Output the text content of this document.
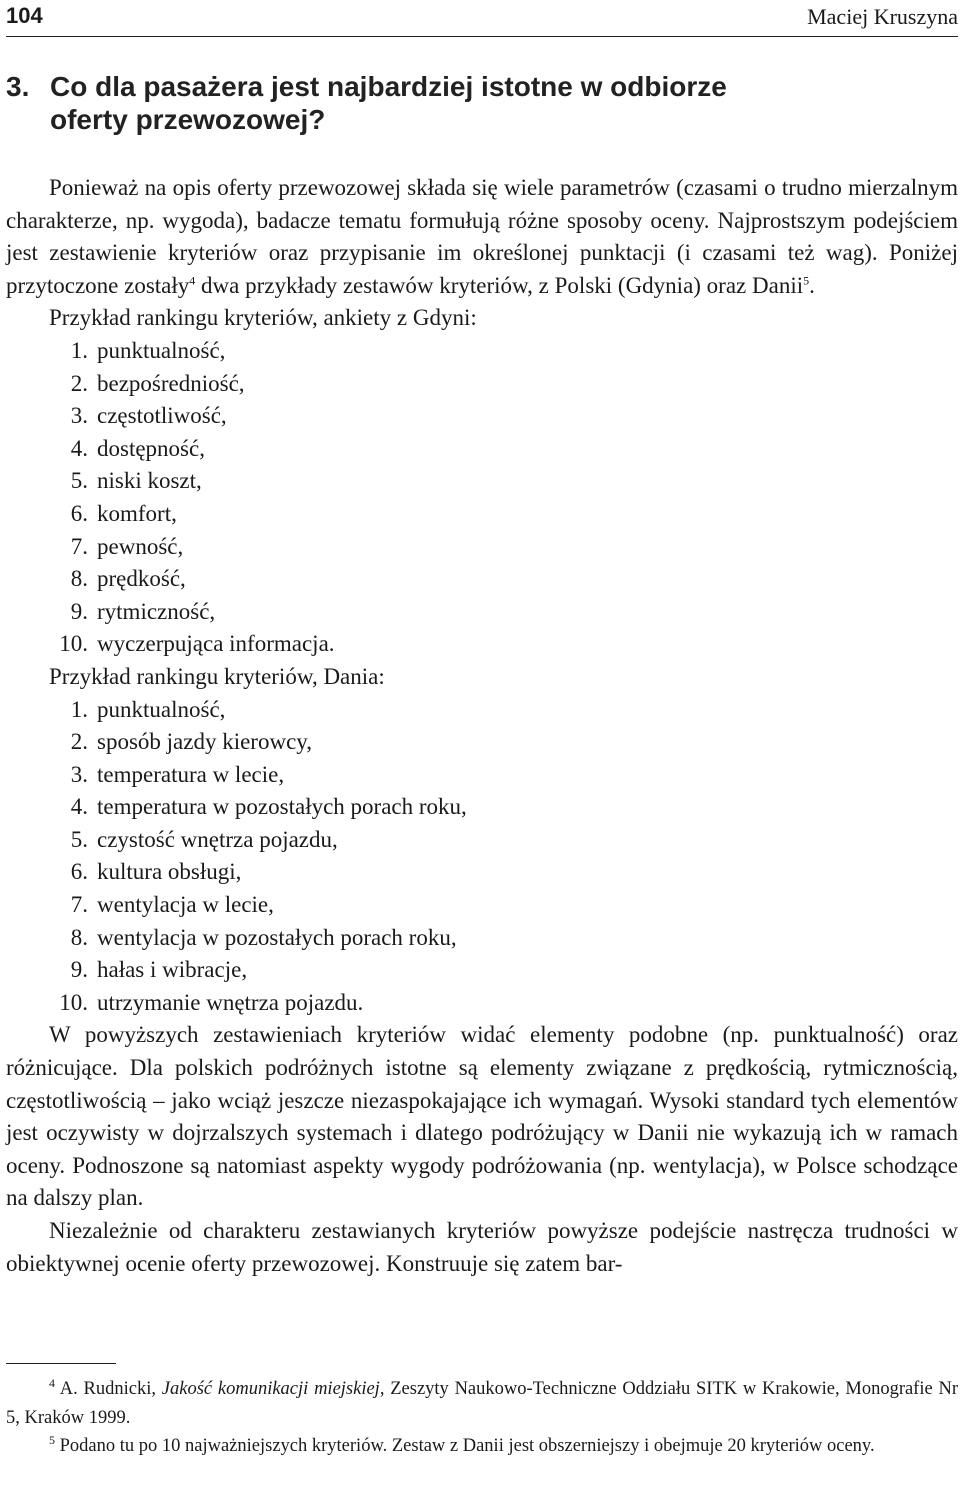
104	Maciej Kruszyna
3. Co dla pasażera jest najbardziej istotne w odbiorze
oferty przewozowej?

Ponieważ na opis oferty przewozowej składa się wiele parametrów (czasami o trudno mierzalnym charakterze, np. wygoda), badacze tematu formułują różne sposoby oceny. Najprostszym podejściem jest zestawienie kryteriów oraz przypisanie im określonej punktacji (i czasami też wag). Poniżej przytoczone zostały$^4$ dwa przykłady zestawów kryteriów, z Polski (Gdynia) oraz Danii$^5$.

Przykład rankingu kryteriów, ankiety z Gdyni:

1. punktualność,
2. bezpośredniość,
3. częstotliwość,
4. dostępność,
5. niski koszt,
6. komfort,
7. pewność,
8. prędkość,
9. rytmiczność,
10. wyczerpująca informacja.

Przykład rankingu kryteriów, Dania:

1. punktualność,
2. sposób jazdy kierowcy,
3. temperatura w lecie,
4. temperatura w pozostałych porach roku,
5. czystość wnętrza pojazdu,
6. kultura obsługi,
7. wentylacja w lecie,
8. wentylacja w pozostałych porach roku,
9. hałas i wibracje,
10. utrzymanie wnętrza pojazdu.

W powyższych zestawieniach kryteriów widać elementy podobne (np. punktualność) oraz różnicujące. Dla polskich podróżnych istotne są elementy związane z prędkością, rytmicznością, częstotliwością – jako wciąż jeszcze niezaspokajające ich wymagań. Wysoki standard tych elementów jest oczywisty w dojrzalszych systemach i dlatego podróżujący w Danii nie wykazują ich w ramach oceny. Podnoszone są natomiast aspekty wygody podróżowania (np. wentylacja), w Polsce schodzące na dalszy plan.

Niezależnie od charakteru zestawianych kryteriów powyższe podejście nastręcza trudności w obiektywnej ocenie oferty przewozowej. Konstruuje się zatem bar-

$^4$ A. Rudnicki, Jakość komunikacji miejskiej, Zeszyty Naukowo-Techniczne Oddziału SITK w Krakowie, Monografie Nr 5, Kraków 1999.

$^5$ Podano tu po 10 najważniejszych kryteriów. Zestaw z Danii jest obszerniejszy i obejmuje 20 kryteriów oceny.
